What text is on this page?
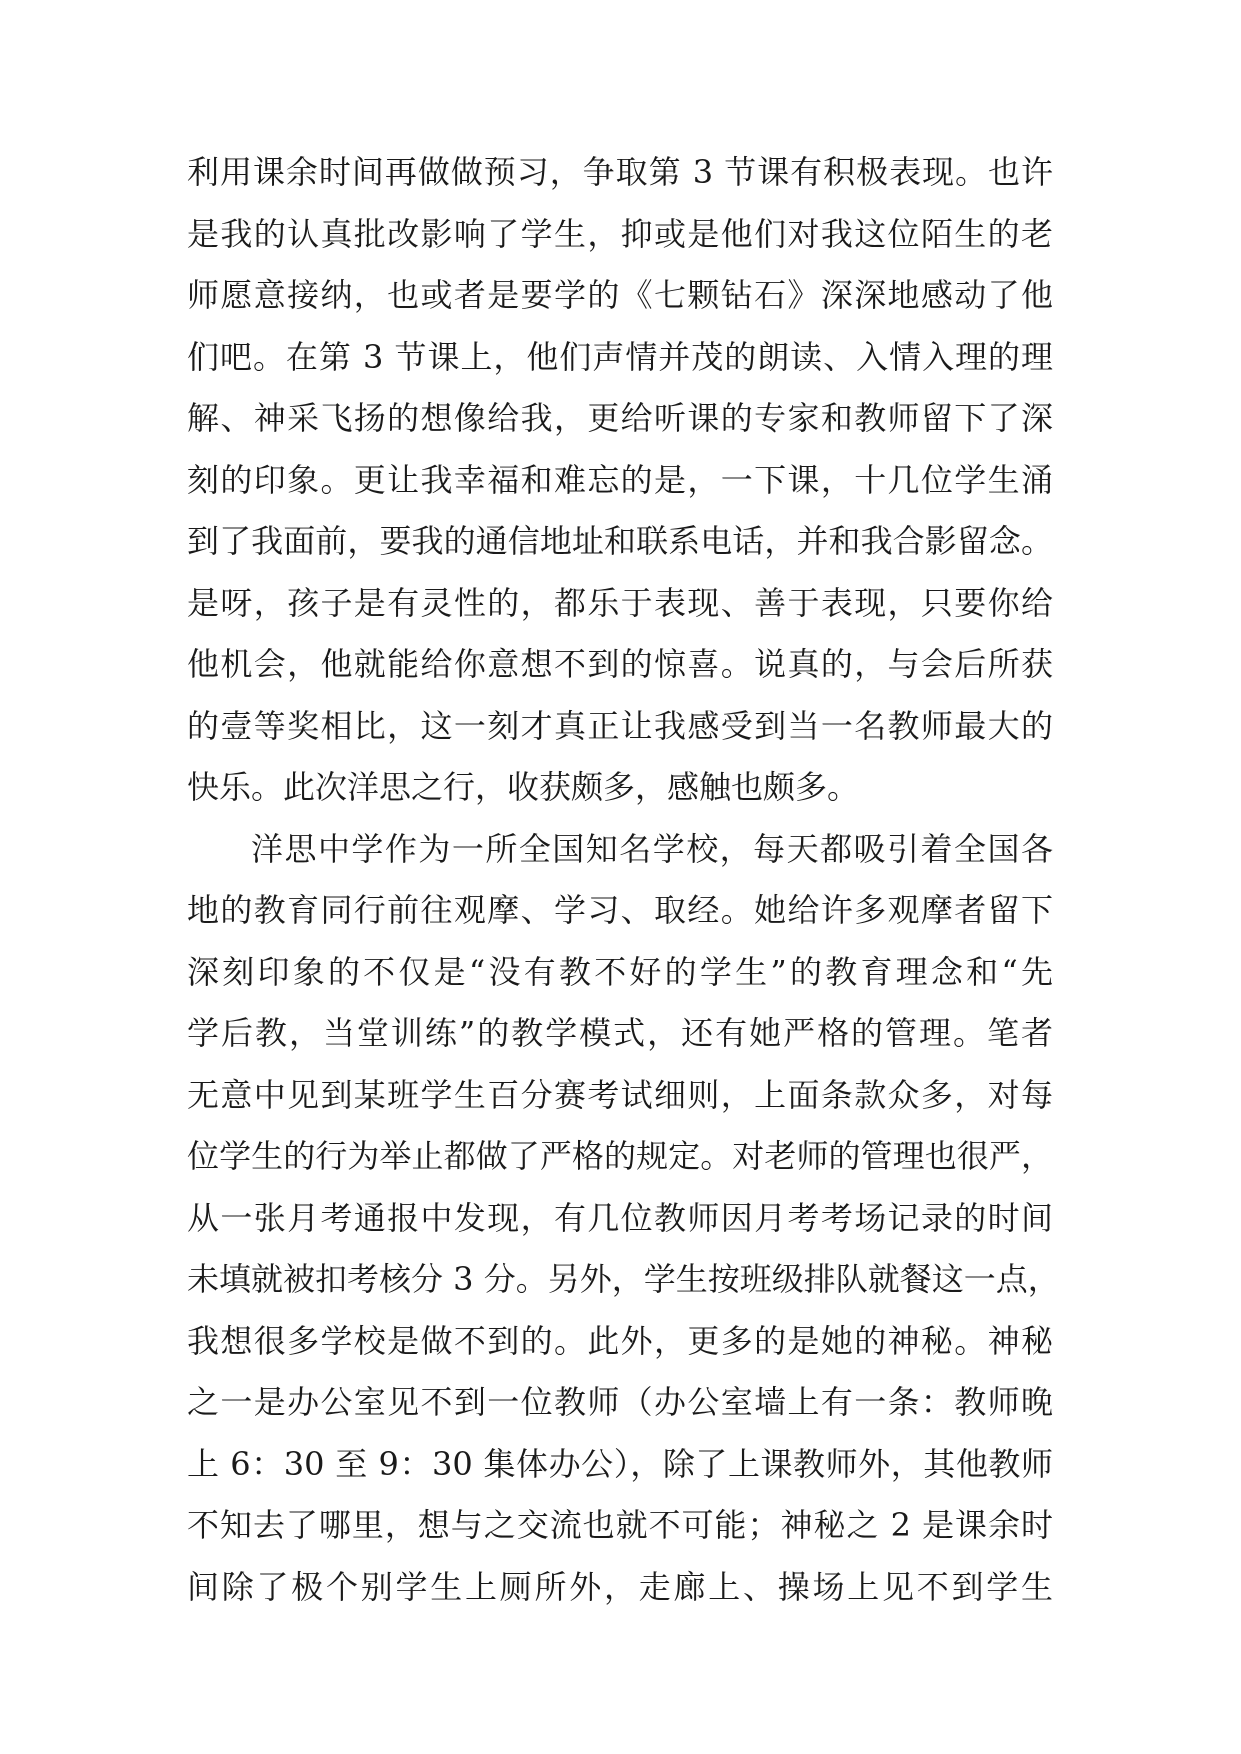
利用课余时间再做做预习，争取第 3 节课有积极表现。也许
是我的认真批改影响了学生，抑或是他们对我这位陌生的老
师愿意接纳，也或者是要学的《七颗钻石》深深地感动了他
们吧。在第 3 节课上，他们声情并茂的朗读、入情入理的理
解、神采飞扬的想像给我，更给听课的专家和教师留下了深
刻的印象。更让我幸福和难忘的是，一下课，十几位学生涌
到了我面前，要我的通信地址和联系电话，并和我合影留念。
是呀，孩子是有灵性的，都乐于表现、善于表现，只要你给
他机会，他就能给你意想不到的惊喜。说真的，与会后所获
的壹等奖相比，这一刻才真正让我感受到当一名教师最大的
快乐。此次洋思之行，收获颇多，感触也颇多。
洋思中学作为一所全国知名学校，每天都吸引着全国各
地的教育同行前往观摩、学习、取经。她给许多观摩者留下
深刻印象的不仅是“没有教不好的学生”的教育理念和“先
学后教，当堂训练”的教学模式，还有她严格的管理。笔者
无意中见到某班学生百分赛考试细则，上面条款众多，对每
位学生的行为举止都做了严格的规定。对老师的管理也很严，
从一张月考通报中发现，有几位教师因月考考场记录的时间
未填就被扣考核分 3 分。另外，学生按班级排队就餐这一点，
我想很多学校是做不到的。此外，更多的是她的神秘。神秘
之一是办公室见不到一位教师（办公室墙上有一条：教师晚
上 6：30 至 9：30 集体办公），除了上课教师外，其他教师
不知去了哪里，想与之交流也就不可能；神秘之 2 是课余时
间除了极个别学生上厕所外，走廊上、操场上见不到学生
